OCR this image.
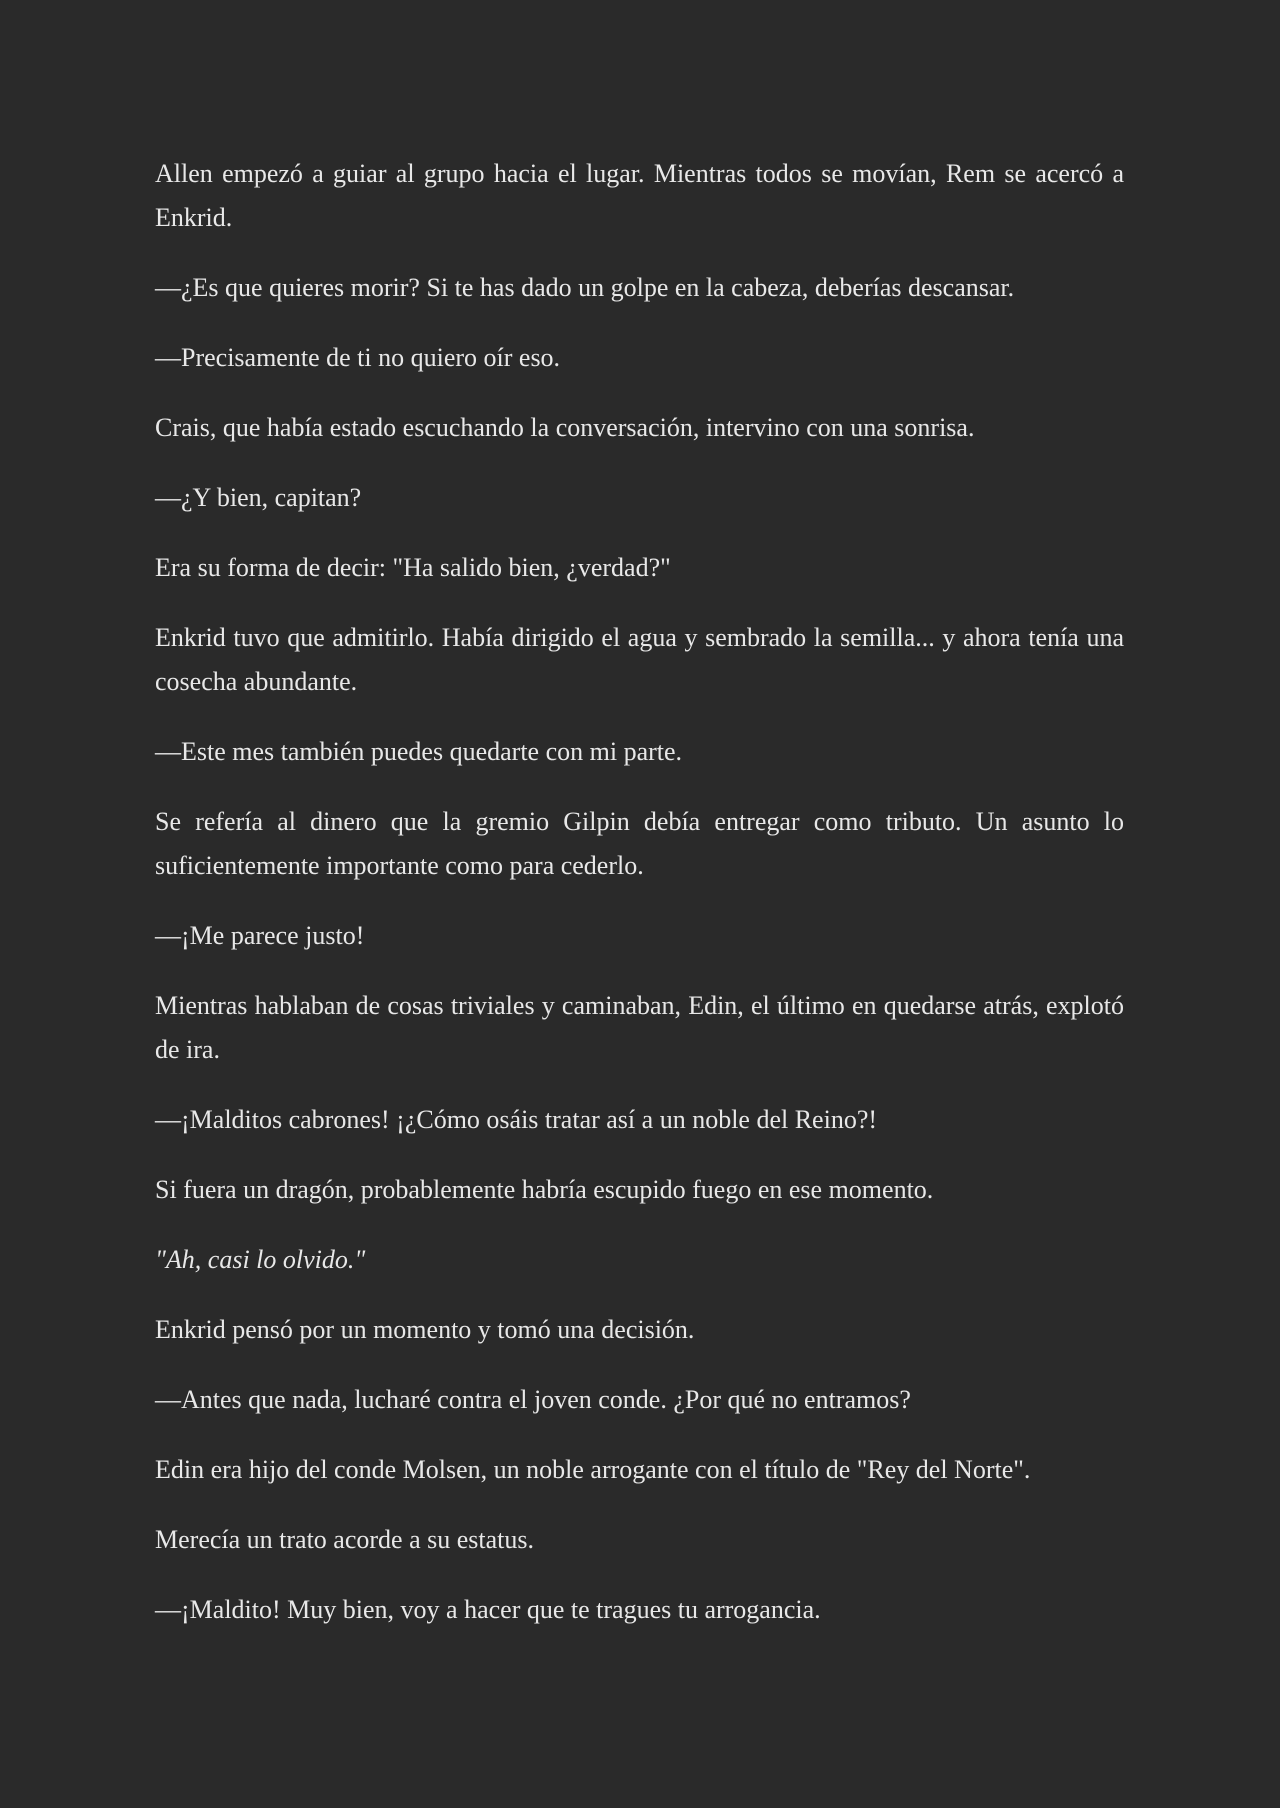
Allen empezó a guiar al grupo hacia el lugar. Mientras todos se movían, Rem se acercó a Enkrid.

—¿Es que quieres morir? Si te has dado un golpe en la cabeza, deberías descansar.

—Precisamente de ti no quiero oír eso.

Crais, que había estado escuchando la conversación, intervino con una sonrisa.

—¿Y bien, capitan?

Era su forma de decir: "Ha salido bien, ¿verdad?"

Enkrid tuvo que admitirlo. Había dirigido el agua y sembrado la semilla... y ahora tenía una cosecha abundante.

—Este mes también puedes quedarte con mi parte.

Se refería al dinero que la gremio Gilpin debía entregar como tributo. Un asunto lo suficientemente importante como para cederlo.

—¡Me parece justo!

Mientras hablaban de cosas triviales y caminaban, Edin, el último en quedarse atrás, explotó de ira.

—¡Malditos cabrones! ¡¿Cómo osáis tratar así a un noble del Reino?!

Si fuera un dragón, probablemente habría escupido fuego en ese momento.

"Ah, casi lo olvido."

Enkrid pensó por un momento y tomó una decisión.

—Antes que nada, lucharé contra el joven conde. ¿Por qué no entramos?

Edin era hijo del conde Molsen, un noble arrogante con el título de "Rey del Norte".

Merecía un trato acorde a su estatus.

—¡Maldito! Muy bien, voy a hacer que te tragues tu arrogancia.
